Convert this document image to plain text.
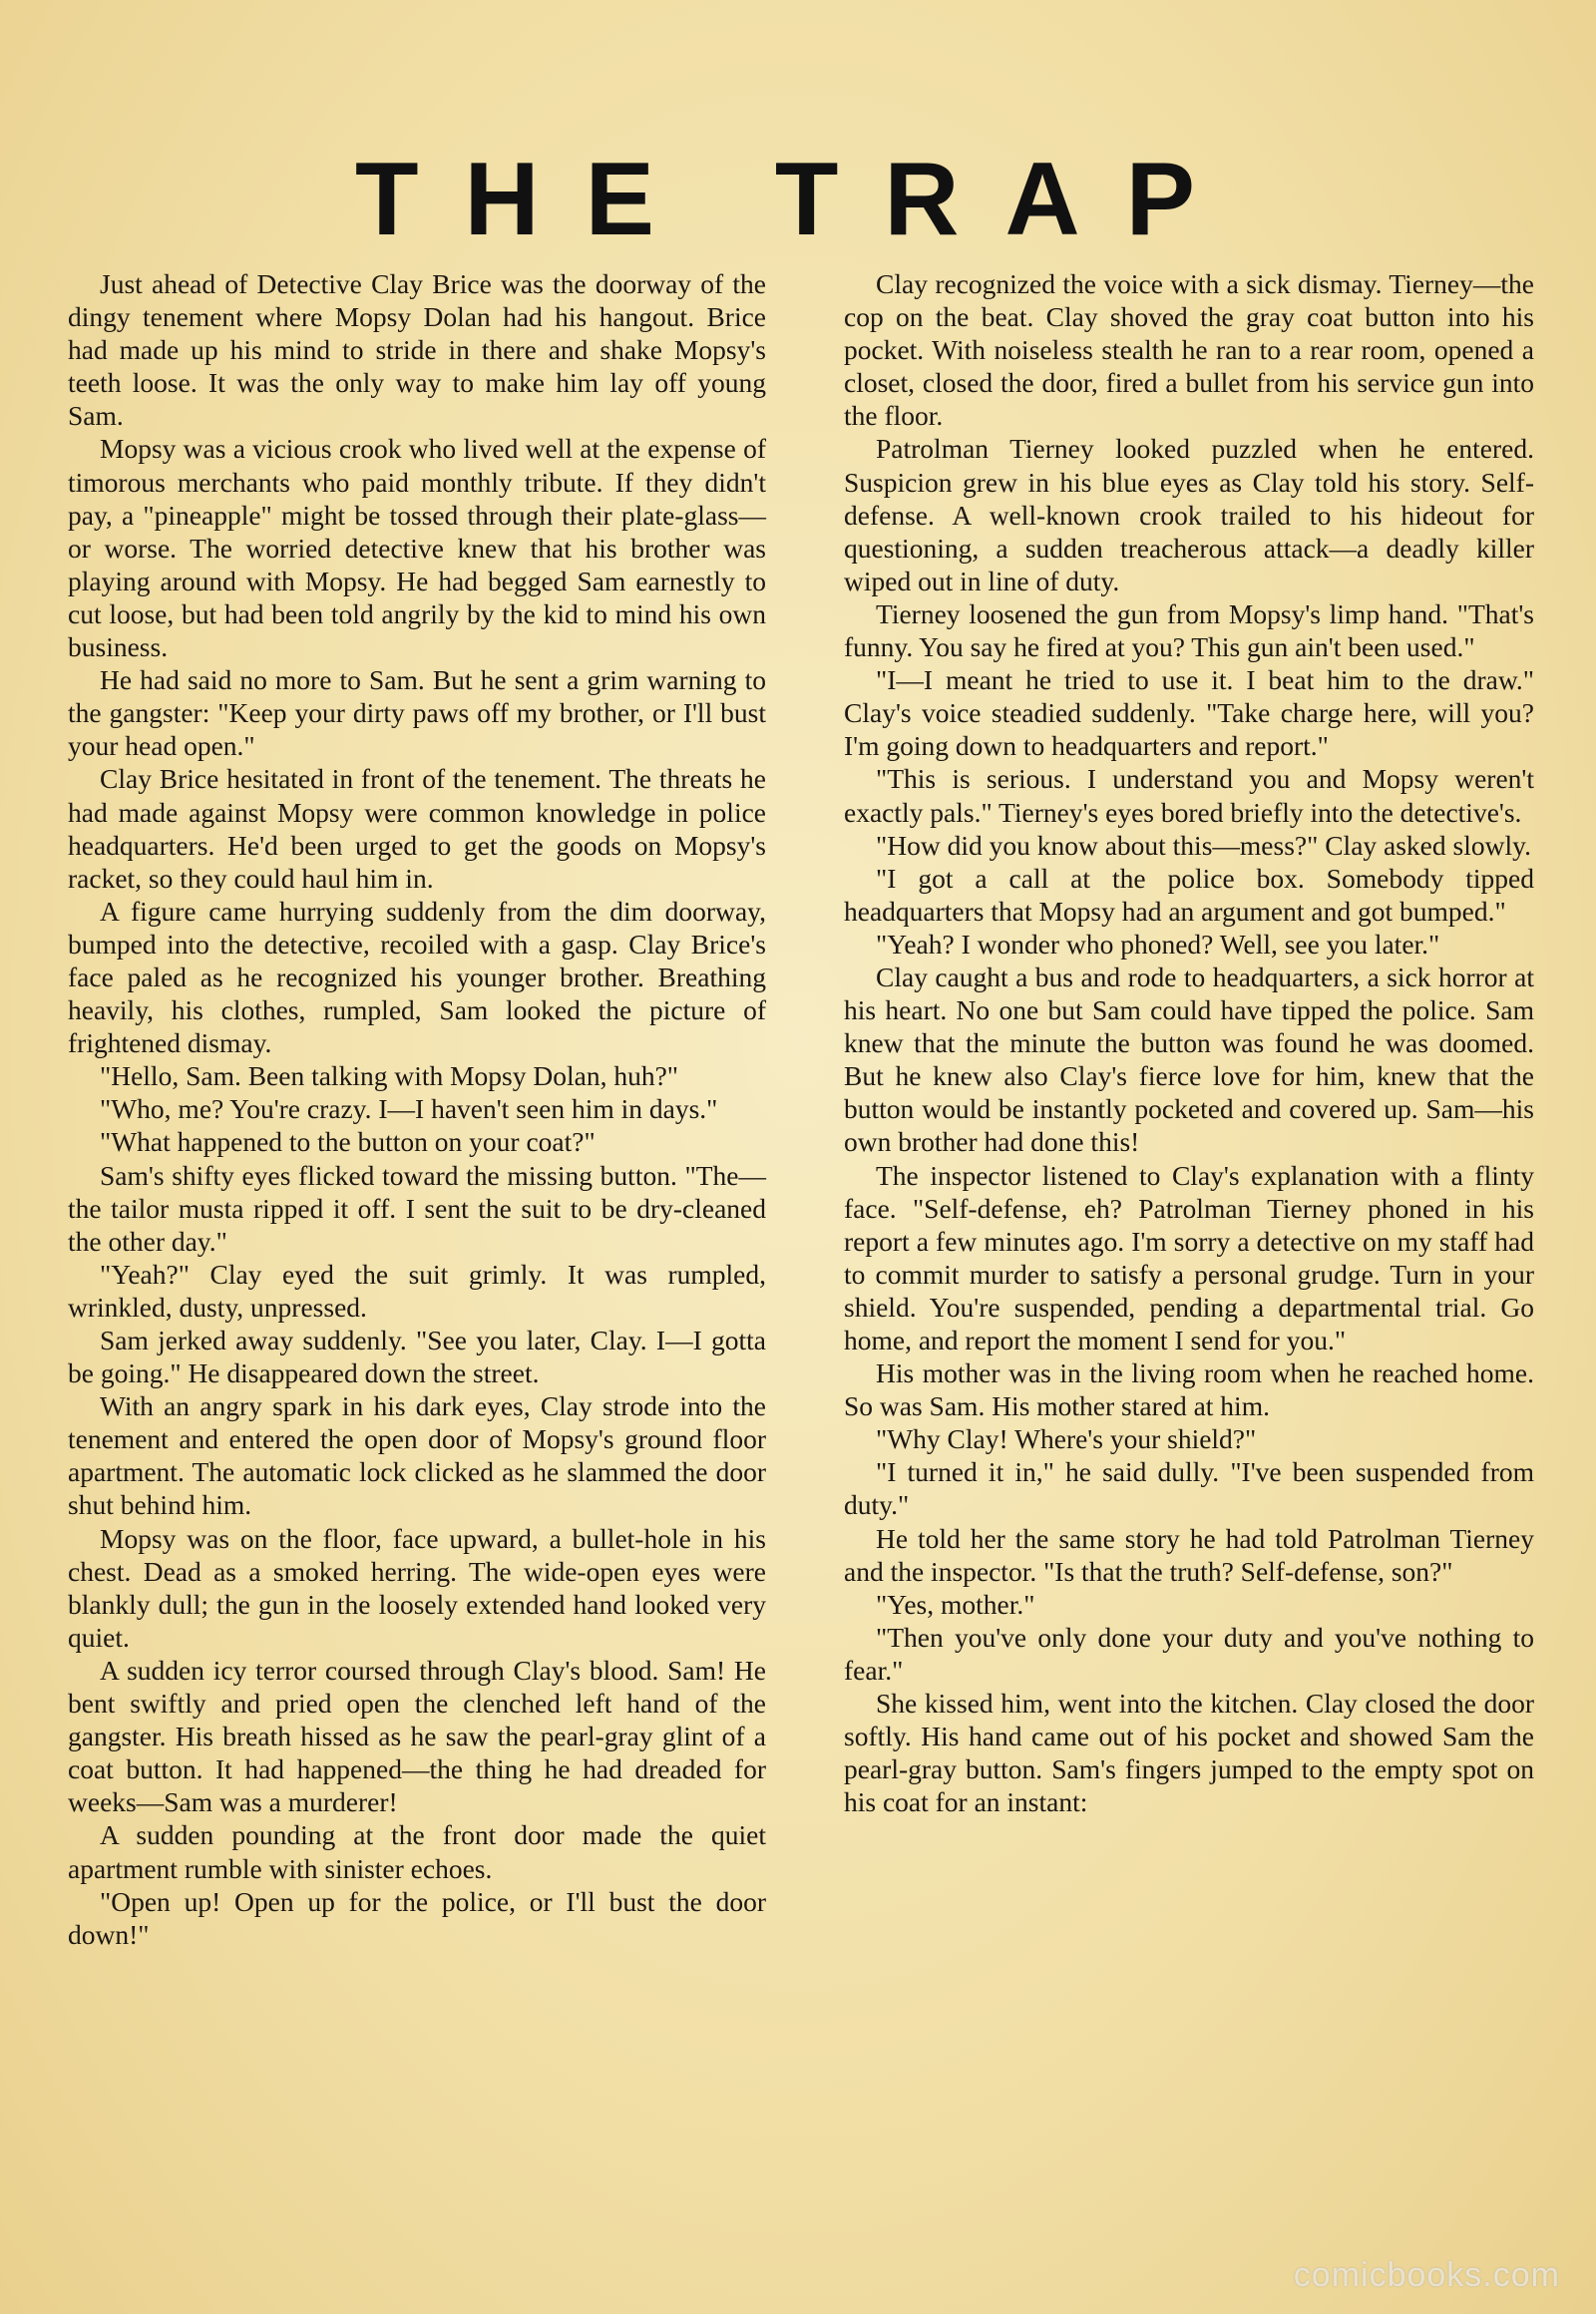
THE TRAP

Just ahead of Detective Clay Brice was the doorway of the dingy tenement where Mopsy Dolan had his hangout. Brice had made up his mind to stride in there and shake Mopsy's teeth loose. It was the only way to make him lay off young Sam.

Mopsy was a vicious crook who lived well at the expense of timorous merchants who paid monthly tribute. If they didn't pay, a "pineapple" might be tossed through their plate-glass—or worse. The worried detective knew that his brother was playing around with Mopsy. He had begged Sam earnestly to cut loose, but had been told angrily by the kid to mind his own business.

He had said no more to Sam. But he sent a grim warning to the gangster: "Keep your dirty paws off my brother, or I'll bust your head open."

Clay Brice hesitated in front of the tenement. The threats he had made against Mopsy were common knowledge in police headquarters. He'd been urged to get the goods on Mopsy's racket, so they could haul him in.

A figure came hurrying suddenly from the dim doorway, bumped into the detective, recoiled with a gasp. Clay Brice's face paled as he recognized his younger brother. Breathing heavily, his clothes, rumpled, Sam looked the picture of frightened dismay.

"Hello, Sam. Been talking with Mopsy Dolan, huh?"

"Who, me? You're crazy. I—I haven't seen him in days."

"What happened to the button on your coat?"

Sam's shifty eyes flicked toward the missing button. "The—the tailor musta ripped it off. I sent the suit to be dry-cleaned the other day."

"Yeah?" Clay eyed the suit grimly. It was rumpled, wrinkled, dusty, unpressed.

Sam jerked away suddenly. "See you later, Clay. I—I gotta be going." He disappeared down the street.

With an angry spark in his dark eyes, Clay strode into the tenement and entered the open door of Mopsy's ground floor apartment. The automatic lock clicked as he slammed the door shut behind him.

Mopsy was on the floor, face upward, a bullet-hole in his chest. Dead as a smoked herring. The wide-open eyes were blankly dull; the gun in the loosely extended hand looked very quiet.

A sudden icy terror coursed through Clay's blood. Sam! He bent swiftly and pried open the clenched left hand of the gangster. His breath hissed as he saw the pearl-gray glint of a coat button. It had happened—the thing he had dreaded for weeks—Sam was a murderer!

A sudden pounding at the front door made the quiet apartment rumble with sinister echoes.

"Open up! Open up for the police, or I'll bust the door down!"

Clay recognized the voice with a sick dismay. Tierney—the cop on the beat. Clay shoved the gray coat button into his pocket. With noiseless stealth he ran to a rear room, opened a closet, closed the door, fired a bullet from his service gun into the floor.

Patrolman Tierney looked puzzled when he entered. Suspicion grew in his blue eyes as Clay told his story. Self-defense. A well-known crook trailed to his hideout for questioning, a sudden treacherous attack—a deadly killer wiped out in line of duty.

Tierney loosened the gun from Mopsy's limp hand. "That's funny. You say he fired at you? This gun ain't been used."

"I—I meant he tried to use it. I beat him to the draw." Clay's voice steadied suddenly. "Take charge here, will you? I'm going down to headquarters and report."

"This is serious. I understand you and Mopsy weren't exactly pals." Tierney's eyes bored briefly into the detective's.

"How did you know about this—mess?" Clay asked slowly.

"I got a call at the police box. Somebody tipped headquarters that Mopsy had an argument and got bumped."

"Yeah? I wonder who phoned? Well, see you later."

Clay caught a bus and rode to headquarters, a sick horror at his heart. No one but Sam could have tipped the police. Sam knew that the minute the button was found he was doomed. But he knew also Clay's fierce love for him, knew that the button would be instantly pocketed and covered up. Sam—his own brother had done this!

The inspector listened to Clay's explanation with a flinty face. "Self-defense, eh? Patrolman Tierney phoned in his report a few minutes ago. I'm sorry a detective on my staff had to commit murder to satisfy a personal grudge. Turn in your shield. You're suspended, pending a departmental trial. Go home, and report the moment I send for you."

His mother was in the living room when he reached home. So was Sam. His mother stared at him.

"Why Clay! Where's your shield?"

"I turned it in," he said dully. "I've been suspended from duty."

He told her the same story he had told Patrolman Tierney and the inspector. "Is that the truth? Self-defense, son?"

"Yes, mother."

"Then you've only done your duty and you've nothing to fear."

She kissed him, went into the kitchen. Clay closed the door softly. His hand came out of his pocket and showed Sam the pearl-gray button. Sam's fingers jumped to the empty spot on his coat for an instant:

comicbooks.com
